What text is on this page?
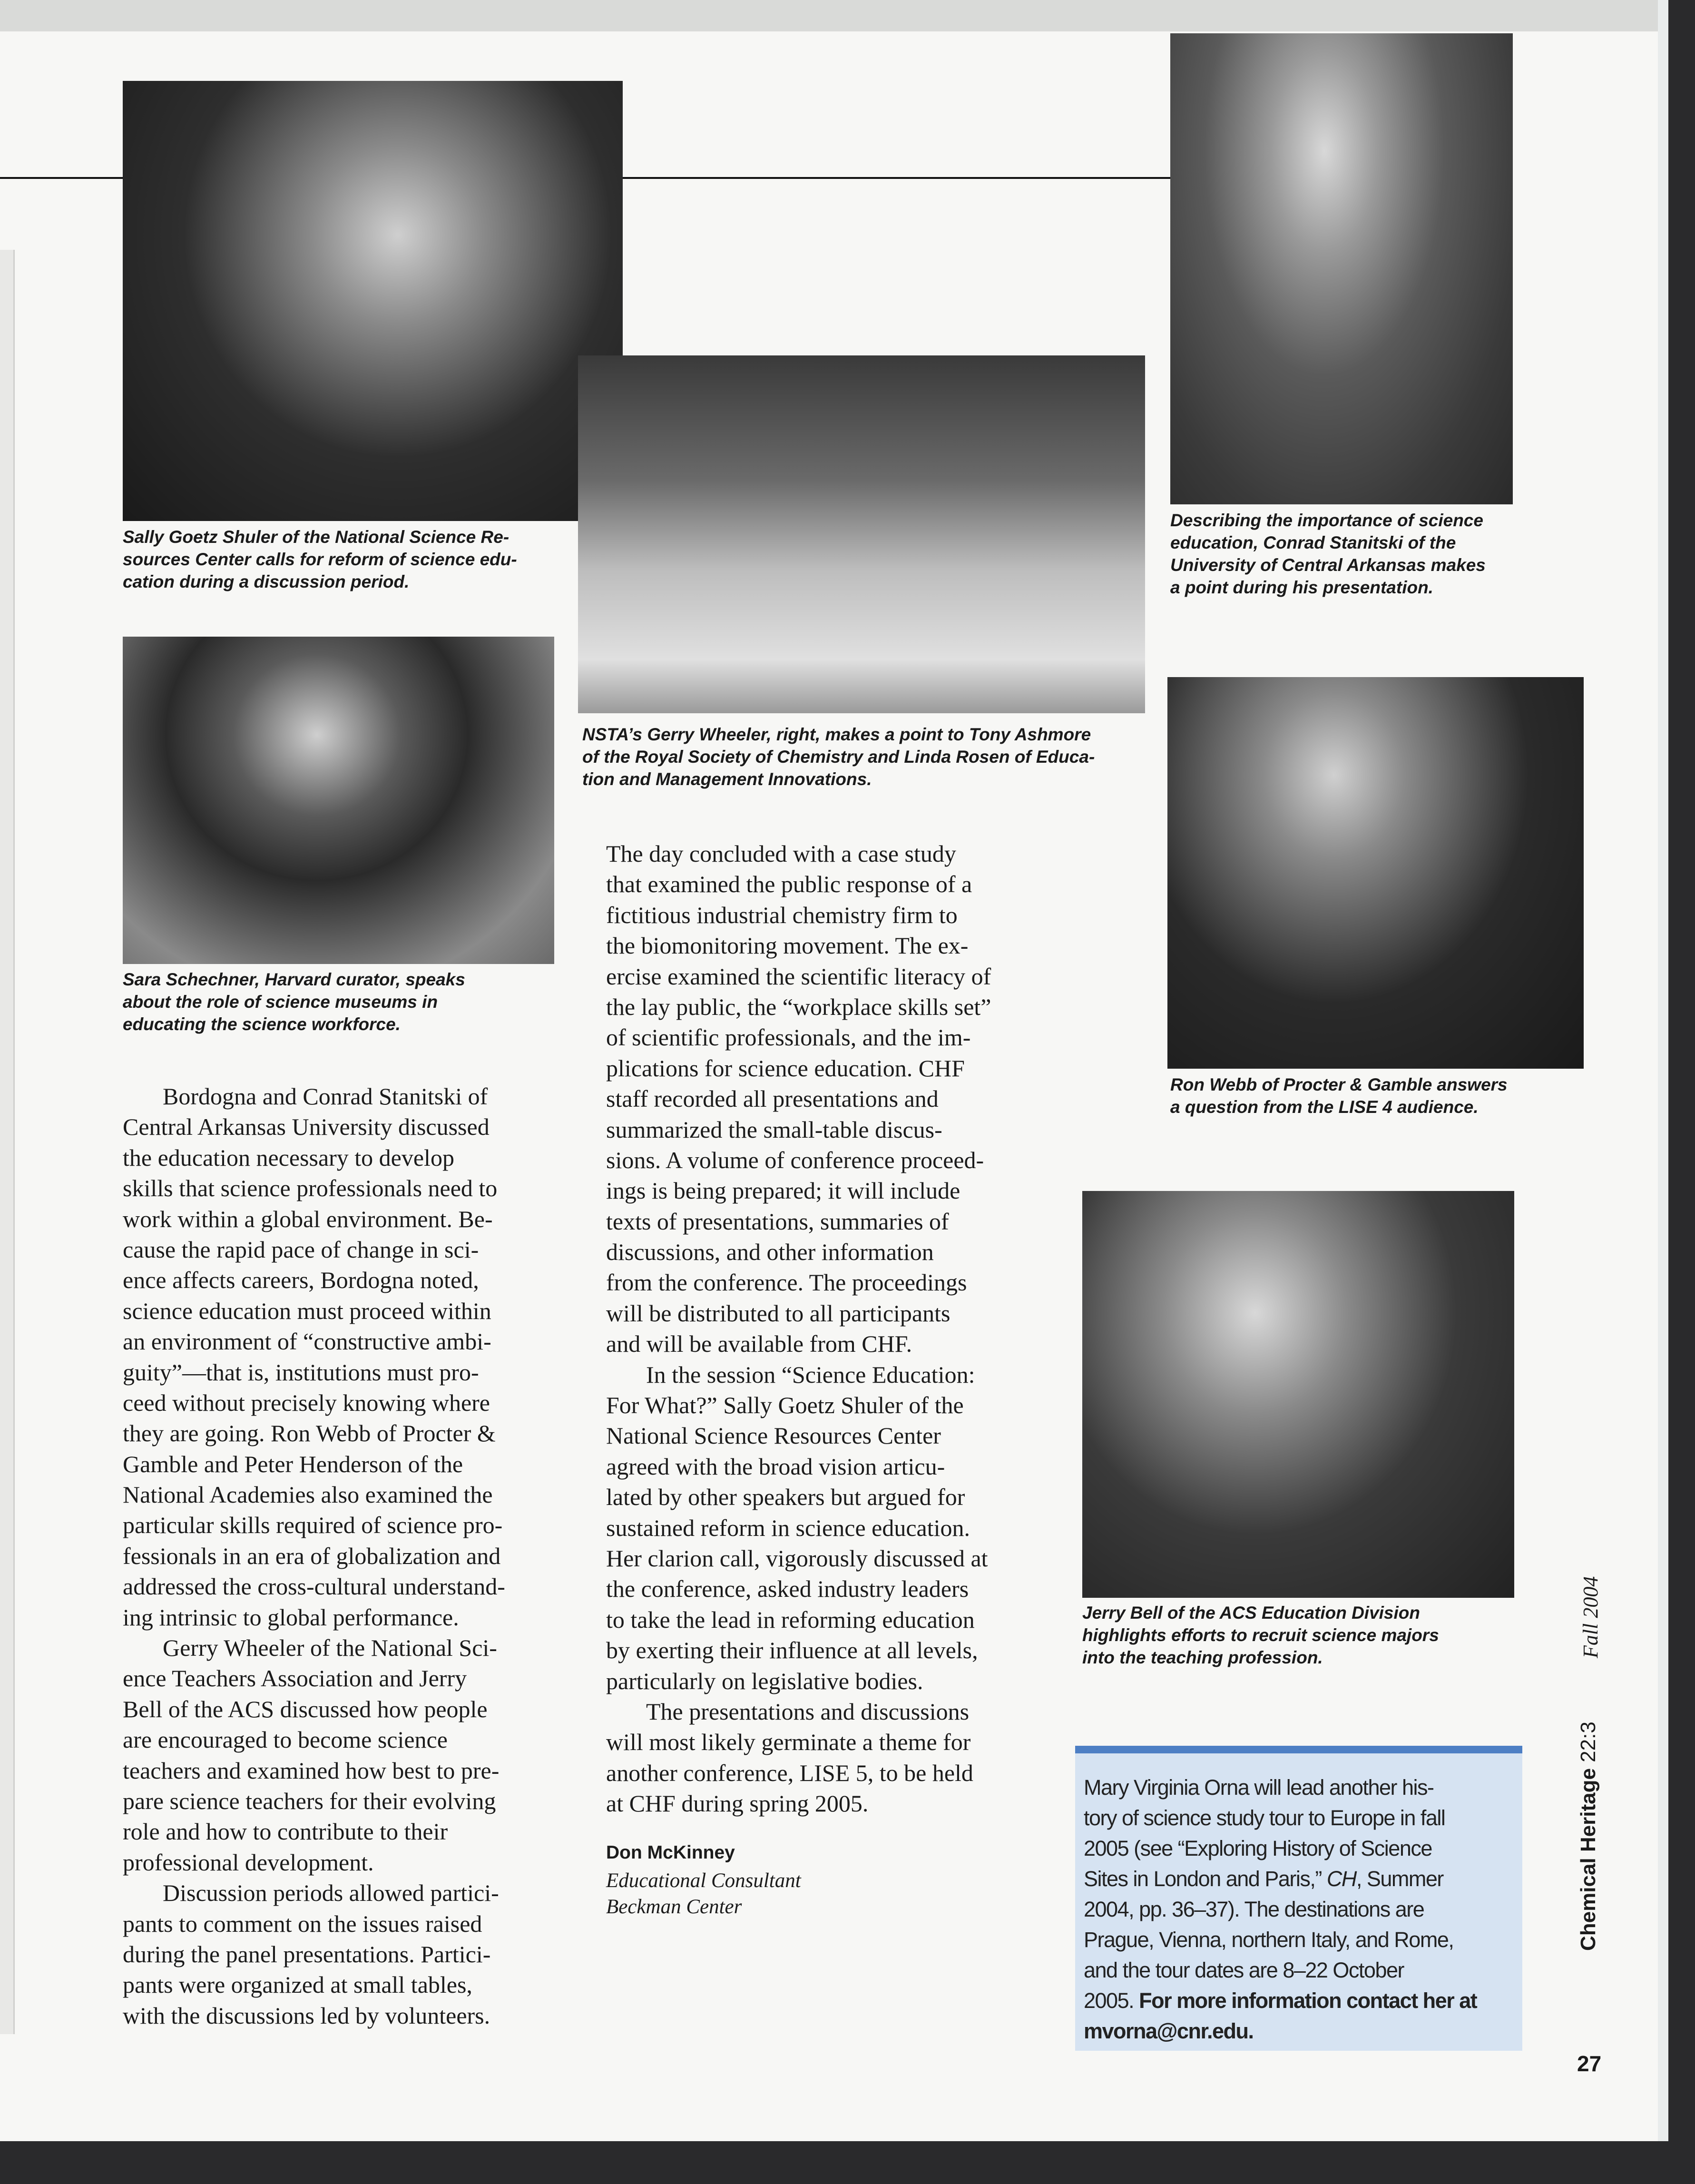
Sally Goetz Shuler of the National Science Re-
sources Center calls for reform of science edu-
cation during a discussion period.
NSTA’s Gerry Wheeler, right, makes a point to Tony Ashmore
of the Royal Society of Chemistry and Linda Rosen of Educa-
tion and Management Innovations.
Describing the importance of science
education, Conrad Stanitski of the
University of Central Arkansas makes
a point during his presentation.
Sara Schechner, Harvard curator, speaks
about the role of science museums in
educating the science workforce.
Ron Webb of Procter & Gamble answers
a question from the LISE 4 audience.
Jerry Bell of the ACS Education Division
highlights efforts to recruit science majors
into the teaching profession.
Bordogna and Conrad Stanitski of
Central Arkansas University discussed
the education necessary to develop
skills that science professionals need to
work within a global environment. Be-
cause the rapid pace of change in sci-
ence affects careers, Bordogna noted,
science education must proceed within
an environment of “constructive ambi-
guity”—that is, institutions must pro-
ceed without precisely knowing where
they are going. Ron Webb of Procter &
Gamble and Peter Henderson of the
National Academies also examined the
particular skills required of science pro-
fessionals in an era of globalization and
addressed the cross-cultural understand-
ing intrinsic to global performance.
Gerry Wheeler of the National Sci-
ence Teachers Association and Jerry
Bell of the ACS discussed how people
are encouraged to become science
teachers and examined how best to pre-
pare science teachers for their evolving
role and how to contribute to their
professional development.
Discussion periods allowed partici-
pants to comment on the issues raised
during the panel presentations. Partici-
pants were organized at small tables,
with the discussions led by volunteers.
The day concluded with a case study
that examined the public response of a
fictitious industrial chemistry firm to
the biomonitoring movement. The ex-
ercise examined the scientific literacy of
the lay public, the “workplace skills set”
of scientific professionals, and the im-
plications for science education. CHF
staff recorded all presentations and
summarized the small-table discus-
sions. A volume of conference proceed-
ings is being prepared; it will include
texts of presentations, summaries of
discussions, and other information
from the conference. The proceedings
will be distributed to all participants
and will be available from CHF.
In the session “Science Education:
For What?” Sally Goetz Shuler of the
National Science Resources Center
agreed with the broad vision articu-
lated by other speakers but argued for
sustained reform in science education.
Her clarion call, vigorously discussed at
the conference, asked industry leaders
to take the lead in reforming education
by exerting their influence at all levels,
particularly on legislative bodies.
The presentations and discussions
will most likely germinate a theme for
another conference, LISE 5, to be held
at CHF during spring 2005.
Don McKinney
Educational Consultant
Beckman Center
Mary Virginia Orna will lead another his-
tory of science study tour to Europe in fall
2005 (see “Exploring History of Science
Sites in London and Paris,” CH, Summer
2004, pp. 36–37). The destinations are
Prague, Vienna, northern Italy, and Rome,
and the tour dates are 8–22 October
2005. For more information contact her at
mvorna@cnr.edu.
Fall 2004
Chemical Heritage 22:3
27
